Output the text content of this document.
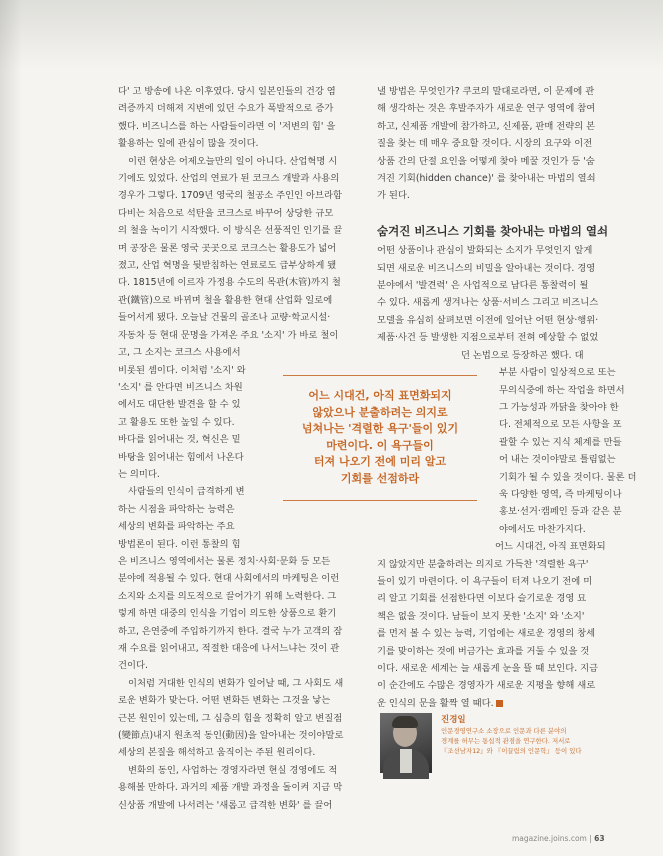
다' 고 방송에 나온 이후였다. 당시 일본인들의 건강 염
려증까지 더해져 지변에 있던 수요가 폭발적으로 증가
했다. 비즈니스를 하는 사람들이라면 이 '저변의 힘' 을
활용하는 일에 관심이 많을 것이다.
이런 현상은 어제오늘만의 일이 아니다. 산업혁명 시
기에도 있었다. 산업의 연료가 된 코크스 개발과 사용의
경우가 그렇다. 1709년 영국의 철공소 주인인 아브라함
다비는 처음으로 석탄을 코크스로 바꾸어 상당한 규모
의 철을 녹이기 시작했다. 이 방식은 선풍적인 인기를 끌
며 공장은 물론 영국 곳곳으로 코크스는 활용도가 넓어
졌고, 산업 혁명을 뒷받침하는 연료로도 급부상하게 됐
다. 1815년에 이르자 가정용 수도의 목관(木管)까지 철
관(鐵管)으로 바뀌며 철을 활용한 현대 산업화 일로에
들어서게 됐다. 오늘날 건물의 골조나 교량·학교시설·
자동차 등 현대 문명을 가져온 주요 '소지' 가 바로 철이
고, 그 소지는 코크스 사용에서
비롯된 셈이다. 이처럼 '소지' 와
'소지' 를 안다면 비즈니스 차원
에서도 대단한 발견을 할 수 있
고 활용도 또한 높일 수 있다.
바다를 읽어내는 것, 혁신은 밑
바탕을 읽어내는 힘에서 나온다
는 의미다.
사람들의 인식이 급격하게 변
하는 시점을 파악하는 능력은
세상의 변화를 파악하는 주요
방법론이 된다. 이런 통찰의 힘
은 비즈니스 영역에서는 물론 정치·사회·문화 등 모든
분야에 적용될 수 있다. 현대 사회에서의 마케팅은 이런
소지와 소지를 의도적으로 끌어가기 위해 노력한다. 그
렇게 하면 대중의 인식을 기업이 의도한 상품으로 환기
하고, 은연중에 주입하기까지 한다. 결국 누가 고객의 잠
재 수요를 읽어내고, 적절한 대응에 나서느냐는 것이 관
건이다.
이처럼 거대한 인식의 변화가 일어날 때, 그 사회도 새
로운 변화가 맞는다. 어떤 변화든 변화는 그것을 낳는
근본 원인이 있는데, 그 심층의 힘을 정확히 알고 변질점
(變節点)내지 원초적 동인(動因)을 알아내는 것이야말로
세상의 본질을 해석하고 움직이는 주된 원리이다.
변화의 동인, 사업하는 경영자라면 현실 경영에도 적
용해볼 만하다. 과거의 제품 개발 과정을 돌이켜 지금 막
신상품 개발에 나서려는 '새롭고 급격한 변화' 를 끌어
낼 방법은 무엇인가? 쿠코의 말대로라면, 이 문제에 관
해 생각하는 것은 후발주자가 새로운 연구 영역에 참여
하고, 신제품 개발에 참가하고, 신제품, 판매 전략의 본
질을 찾는 데 매우 중요할 것이다. 시장의 요구와 이전
상품 간의 단절 요인을 어떻게 찾아 메꿀 것인가 등 '숨
겨진 기회(hidden chance)' 를 찾아내는 마법의 열쇠
가 된다.
숨겨진 비즈니스 기회를 찾아내는 마법의 열쇠
어떤 상품이나 관심이 발화되는 소지가 무엇인지 알게
되면 새로운 비즈니스의 비밀을 알아내는 것이다. 경영
분야에서 '발견력' 은 사업적으로 남다른 통찰력이 될
수 있다. 새롭게 생겨나는 상품·서비스 그리고 비즈니스
모델을 유심히 살펴보면 이전에 일어난 어떤 현상·행위·
제품·사건 등 발생한 지점으로부터 전혀 예상할 수 없었
던 논법으로 등장하곤 했다. 대
부분 사람이 일상적으로 또는
무의식중에 하는 작업을 하면서
그 가능성과 까닭을 찾아야 한
다. 전체적으로 모든 사항을 포
괄할 수 있는 지식 체계를 만들
어 내는 것이야말로 틀림없는
기회가 될 수 있을 것이다. 물론 더
욱 다양한 영역, 즉 마케팅이나
홍보·선거·캠페인 등과 같은 분
야에서도 마찬가지다.
어느 시대건, 아직 표면화되
지 않았지만 분출하려는 의지로 가득찬 '격렬한 욕구'
들이 있기 마련이다. 이 욕구들이 터져 나오기 전에 미
리 알고 기회를 선점한다면 이보다 슬기로운 경영 묘
책은 없을 것이다. 남들이 보지 못한 '소지' 와 '소지'
를 먼저 볼 수 있는 능력, 기업에는 새로운 경영의 창세
기를 맞이하는 것에 버금가는 효과를 거둘 수 있을 것
이다. 새로운 세계는 늘 새롭게 눈을 뜰 때 보인다. 지금
이 순간에도 수많은 경영자가 새로운 지평을 향해 새로
운 인식의 문을 활짝 열 때다.
어느 시대건, 아직 표면화되지
않았으나 분출하려는 의지로
넘쳐나는 '격렬한 욕구'들이 있기
마련이다. 이 욕구들이
터져 나오기 전에 미리 알고
기회를 선점하라
진경일
인문경영연구소 소장으로 인문과 다른 분야의
경계를 허무는 통섭적 관점을 연구한다. 저서로
『조선남자12』와 『이끌림의 인문학』 등이 있다
magazine.joins.com | 63
